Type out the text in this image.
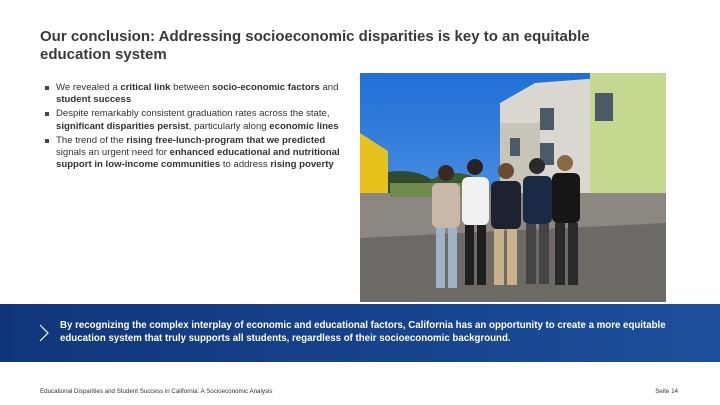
Our conclusion: Addressing socioeconomic disparities is key to an equitable education system
We revealed a critical link between socio-economic factors and student success
Despite remarkably consistent graduation rates across the state, significant disparities persist, particularly along economic lines
The trend of the rising free-lunch-program that we predicted signals an urgent need for enhanced educational and nutritional support in low-income communities to address rising poverty
By recognizing the complex interplay of economic and educational factors, California has an opportunity to create a more equitable education system that truly supports all students, regardless of their socioeconomic background.
Educational Disparities and Student Success in California: A Socioeconomic Analysis	Seite 14
